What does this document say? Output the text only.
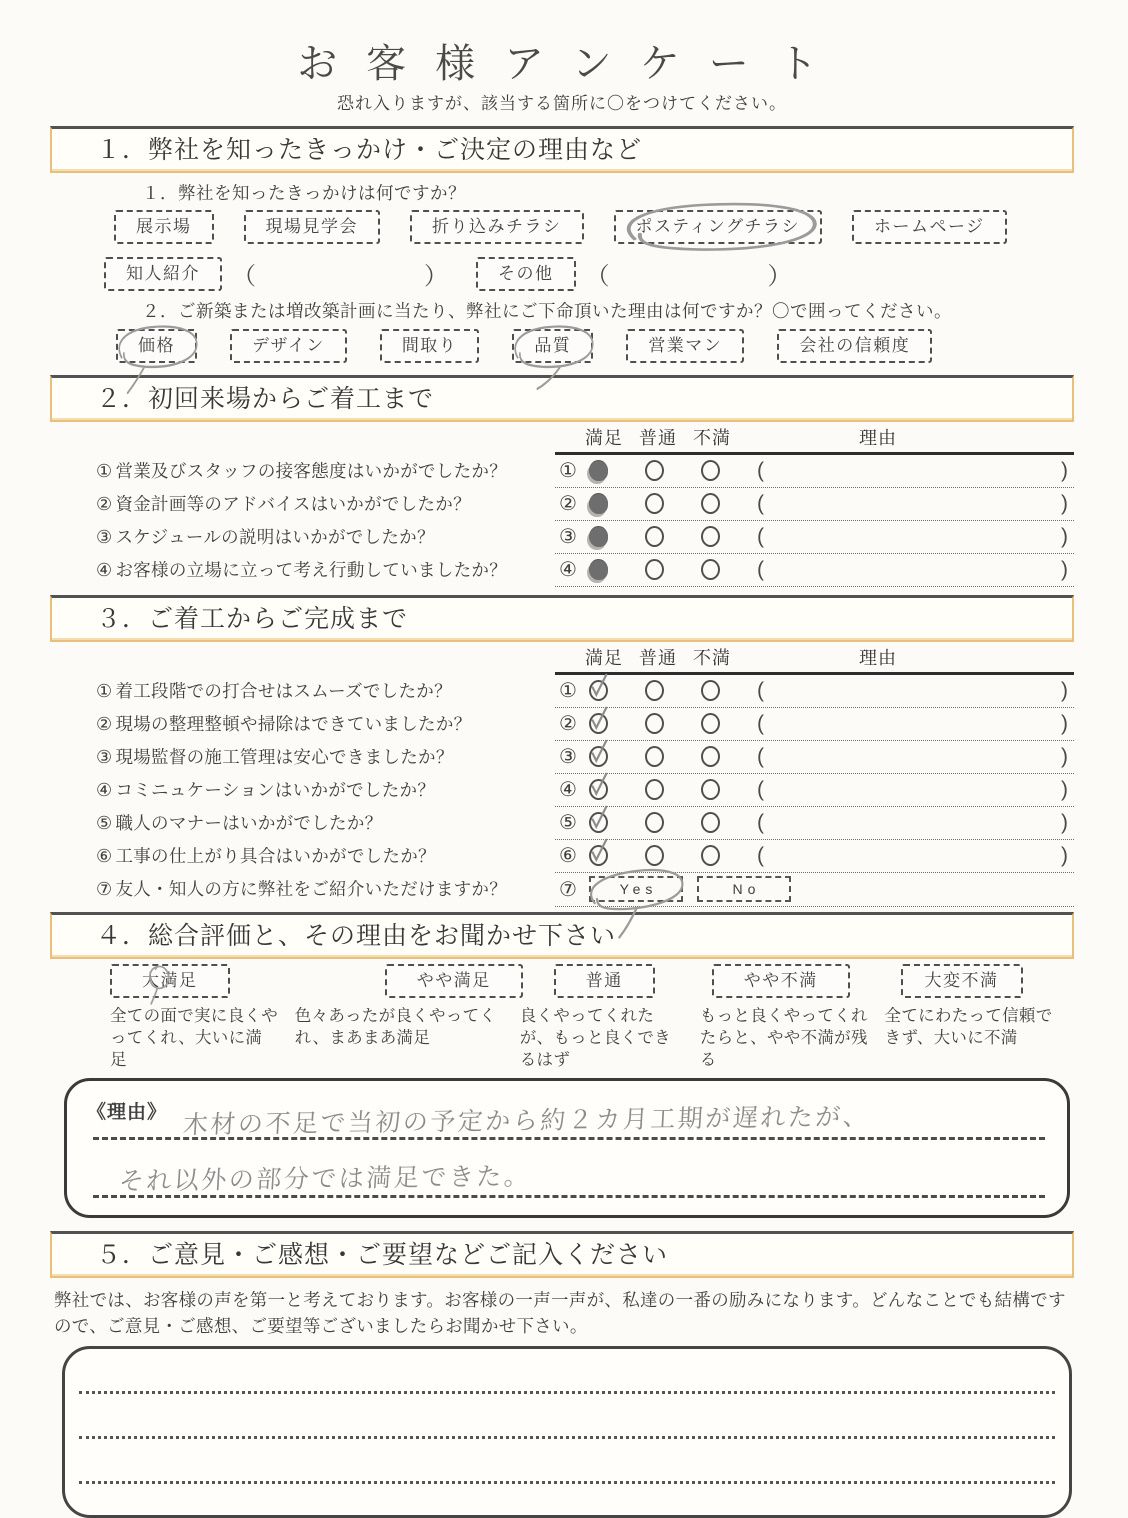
お客様アンケート
恐れ入りますが、該当する箇所に〇をつけてください。
１．弊社を知ったきっかけ・ご決定の理由など
１．弊社を知ったきっかけは何ですか？
展示場	現場見学会	折り込みチラシ	ポスティングチラシ	ホームページ
知人紹介	（	）	その他	（	）
２．ご新築または増改築計画に当たり、弊社にご下命頂いた理由は何ですか？〇で囲ってください。
価格	デザイン	間取り	品質	営業マン	会社の信頼度
２．初回来場からご着工まで
満足 普通 不満	理由
① 営業及びスタッフの接客態度はいかがでしたか？	①	(	)
② 資金計画等のアドバイスはいかがでしたか？	②	(	)
③ スケジュールの説明はいかがでしたか？	③	(	)
④ お客様の立場に立って考え行動していましたか？	④	(	)
３．ご着工からご完成まで
満足 普通 不満	理由
① 着工段階での打合せはスムーズでしたか？	①	(	)
② 現場の整理整頓や掃除はできていましたか？	②	(	)
③ 現場監督の施工管理は安心できましたか？	③	(	)
④ コミニュケーションはいかがでしたか？	④	(	)
⑤ 職人のマナーはいかがでしたか？	⑤	(	)
⑥ 工事の仕上がり具合はいかがでしたか？	⑥	(	)
⑦ 友人・知人の方に弊社をご紹介いただけますか？	⑦	Yes	No
４．総合評価と、その理由をお聞かせ下さい
大満足
全ての面で実に良くやってくれ、大いに満足
やや満足
色々あったが良くやってくれ、まあまあ満足
普通
良くやってくれたが、もっと良くできるはず
やや不満
もっと良くやってくれたらと、やや不満が残る
大変不満
全てにわたって信頼できず、大いに不満
《理由》 木材の不足で当初の予定から約２カ月工期が遅れたが、
それ以外の部分では満足できた。
５．ご意見・ご感想・ご要望などご記入ください
弊社では、お客様の声を第一と考えております。お客様の一声一声が、私達の一番の励みになります。どんなことでも結構ですので、ご意見・ご感想、ご要望等ございましたらお聞かせ下さい。
